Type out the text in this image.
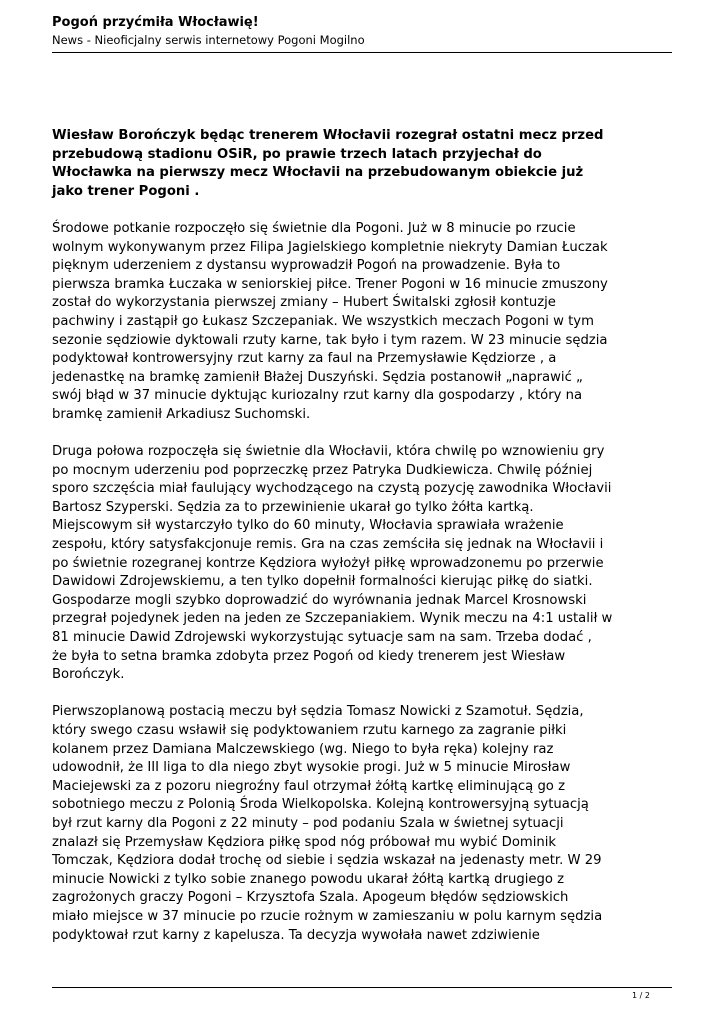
Pogoń przyćmiła Włocławię!
News - Nieoficjalny serwis internetowy Pogoni Mogilno
Wiesław Borończyk będąc trenerem Włocłavii rozegrał ostatni mecz przed
przebudową stadionu OSiR, po prawie trzech latach przyjechał do
Włocławka na pierwszy mecz Włocłavii na przebudowanym obiekcie już
jako trener Pogoni .
Środowe potkanie rozpoczęło się świetnie dla Pogoni. Już w 8 minucie po rzucie
wolnym wykonywanym przez Filipa Jagielskiego kompletnie niekryty Damian Łuczak
pięknym uderzeniem z dystansu wyprowadził Pogoń na prowadzenie. Była to
pierwsza bramka Łuczaka w seniorskiej piłce. Trener Pogoni w 16 minucie zmuszony
został do wykorzystania pierwszej zmiany – Hubert Świtalski zgłosił kontuzje
pachwiny i zastąpił go Łukasz Szczepaniak. We wszystkich meczach Pogoni w tym
sezonie sędziowie dyktowali rzuty karne, tak było i tym razem. W 23 minucie sędzia
podyktował kontrowersyjny rzut karny za faul na Przemysławie Kędziorze , a
jedenastkę na bramkę zamienił Błażej Duszyński. Sędzia postanowił „naprawić „
swój błąd w 37 minucie dyktując kuriozalny rzut karny dla gospodarzy , który na
bramkę zamienił Arkadiusz Suchomski.
Druga połowa rozpoczęła się świetnie dla Włocłavii, która chwilę po wznowieniu gry
po mocnym uderzeniu pod poprzeczkę przez Patryka Dudkiewicza. Chwilę później
sporo szczęścia miał faulujący wychodzącego na czystą pozycję zawodnika Włocłavii
Bartosz Szyperski. Sędzia za to przewinienie ukarał go tylko żółta kartką.
Miejscowym sił wystarczyło tylko do 60 minuty, Włocłavia sprawiała wrażenie
zespołu, który satysfakcjonuje remis. Gra na czas zemściła się jednak na Włocłavii i
po świetnie rozegranej kontrze Kędziora wyłożył piłkę wprowadzonemu po przerwie
Dawidowi Zdrojewskiemu, a ten tylko dopełnił formalności kierując piłkę do siatki.
Gospodarze mogli szybko doprowadzić do wyrównania jednak Marcel Krosnowski
przegrał pojedynek jeden na jeden ze Szczepaniakiem. Wynik meczu na 4:1 ustalił w
81 minucie Dawid Zdrojewski wykorzystując sytuacje sam na sam. Trzeba dodać ,
że była to setna bramka zdobyta przez Pogoń od kiedy trenerem jest Wiesław
Borończyk.
Pierwszoplanową postacią meczu był sędzia Tomasz Nowicki z Szamotuł. Sędzia,
który swego czasu wsławił się podyktowaniem rzutu karnego za zagranie piłki
kolanem przez Damiana Malczewskiego (wg. Niego to była ręka) kolejny raz
udowodnił, że III liga to dla niego zbyt wysokie progi. Już w 5 minucie Mirosław
Maciejewski za z pozoru niegroźny faul otrzymał żółtą kartkę eliminującą go z
sobotniego meczu z Polonią Środa Wielkopolska. Kolejną kontrowersyjną sytuacją
był rzut karny dla Pogoni z 22 minuty – pod podaniu Szala w świetnej sytuacji
znalazł się Przemysław Kędziora piłkę spod nóg próbował mu wybić Dominik
Tomczak, Kędziora dodał trochę od siebie i sędzia wskazał na jedenasty metr. W 29
minucie Nowicki z tylko sobie znanego powodu ukarał żółtą kartką drugiego z
zagrożonych graczy Pogoni – Krzysztofa Szala. Apogeum błędów sędziowskich
miało miejsce w 37 minucie po rzucie rożnym w zamieszaniu w polu karnym sędzia
podyktował rzut karny z kapelusza. Ta decyzja wywołała nawet zdziwienie
1 / 2
